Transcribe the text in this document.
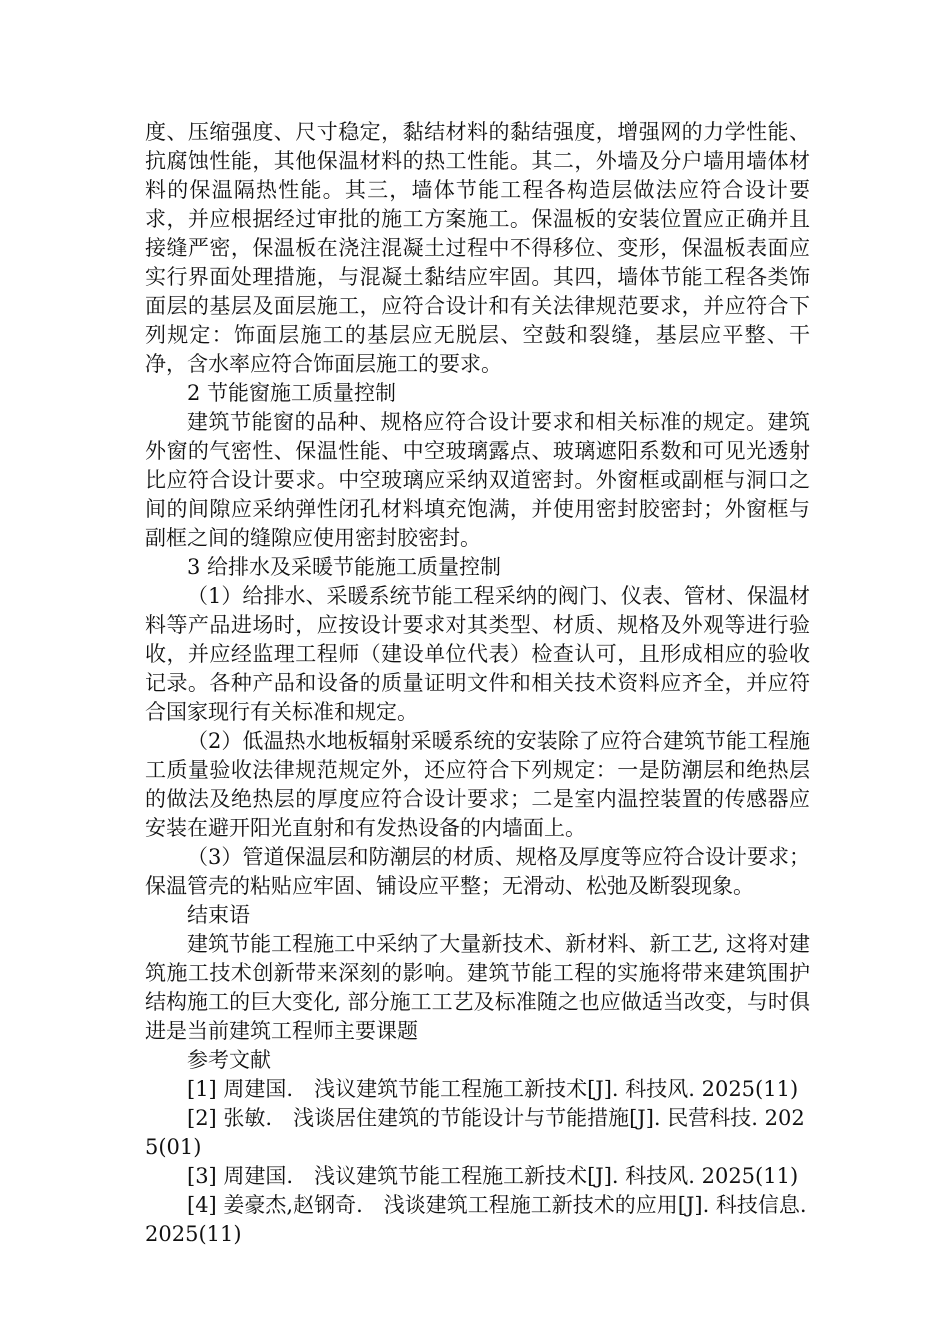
度、压缩强度、尺寸稳定，黏结材料的黏结强度，增强网的力学性能、抗腐蚀性能，其他保温材料的热工性能。其二，外墙及分户墙用墙体材料的保温隔热性能。其三，墙体节能工程各构造层做法应符合设计要求，并应根据经过审批的施工方案施工。保温板的安装位置应正确并且接缝严密，保温板在浇注混凝土过程中不得移位、变形，保温板表面应实行界面处理措施，与混凝土黏结应牢固。其四，墙体节能工程各类饰面层的基层及面层施工，应符合设计和有关法律规范要求，并应符合下列规定：饰面层施工的基层应无脱层、空鼓和裂缝，基层应平整、干净，含水率应符合饰面层施工的要求。

2 节能窗施工质量控制

建筑节能窗的品种、规格应符合设计要求和相关标准的规定。建筑外窗的气密性、保温性能、中空玻璃露点、玻璃遮阳系数和可见光透射比应符合设计要求。中空玻璃应采纳双道密封。外窗框或副框与洞口之间的间隙应采纳弹性闭孔材料填充饱满，并使用密封胶密封；外窗框与副框之间的缝隙应使用密封胶密封。

3 给排水及采暖节能施工质量控制

（1）给排水、采暖系统节能工程采纳的阀门、仪表、管材、保温材料等产品进场时，应按设计要求对其类型、材质、规格及外观等进行验收，并应经监理工程师（建设单位代表）检查认可，且形成相应的验收记录。各种产品和设备的质量证明文件和相关技术资料应齐全，并应符合国家现行有关标准和规定。

（2）低温热水地板辐射采暖系统的安装除了应符合建筑节能工程施工质量验收法律规范规定外，还应符合下列规定：一是防潮层和绝热层的做法及绝热层的厚度应符合设计要求；二是室内温控装置的传感器应安装在避开阳光直射和有发热设备的内墙面上。

（3）管道保温层和防潮层的材质、规格及厚度等应符合设计要求；保温管壳的粘贴应牢固、铺设应平整；无滑动、松弛及断裂现象。

结束语

建筑节能工程施工中采纳了大量新技术、新材料、新工艺, 这将对建筑施工技术创新带来深刻的影响。建筑节能工程的实施将带来建筑围护结构施工的巨大变化, 部分施工工艺及标准随之也应做适当改变，与时俱进是当前建筑工程师主要课题

参考文献

[1] 周建国.　浅议建筑节能工程施工新技术[J]. 科技风. 2025(11)

[2] 张敏.　浅谈居住建筑的节能设计与节能措施[J]. 民营科技. 2025(01)

[3] 周建国.　浅议建筑节能工程施工新技术[J]. 科技风. 2025(11)

[4] 姜豪杰,赵钢奇.　浅谈建筑工程施工新技术的应用[J]. 科技信息. 2025(11)
